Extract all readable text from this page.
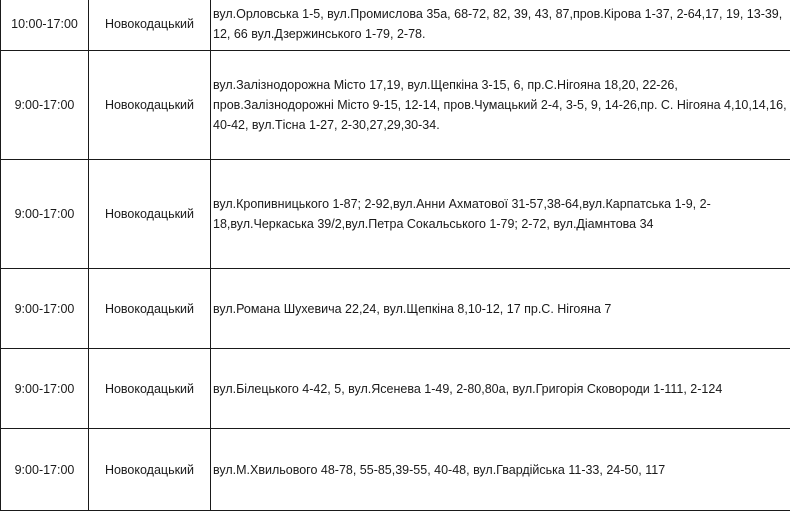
10:00-17:00	Новокодацький	вул.Орловська 1-5, вул.Промислова 35а, 68-72, 82, 39, 43, 87,пров.Кірова 1-37, 2-64,17, 19, 13-39, 12, 66 вул.Дзержинського 1-79, 2-78.
9:00-17:00	Новокодацький	вул.Залізнодорожна Місто 17,19, вул.Щепкіна 3-15, 6, пр.С.Нігояна 18,20, 22-26, пров.Залізнодорожні Місто 9-15, 12-14, пров.Чумацький 2-4, 3-5, 9, 14-26,пр. С. Нігояна 4,10,14,16, 40-42, вул.Тісна 1-27, 2-30,27,29,30-34.
9:00-17:00	Новокодацький	вул.Кропивницького 1-87; 2-92,вул.Анни Ахматової 31-57,38-64,вул.Карпатська 1-9, 2-18,вул.Черкаська 39/2,вул.Петра Сокальського 1-79; 2-72, вул.Діамнтова 34
9:00-17:00	Новокодацький	вул.Романа Шухевича 22,24, вул.Щепкіна 8,10-12, 17 пр.С. Нігояна 7
9:00-17:00	Новокодацький	вул.Білецького 4-42, 5, вул.Ясенева 1-49, 2-80,80а, вул.Григорія Сковороди 1-111, 2-124
9:00-17:00	Новокодацький	вул.М.Хвильового 48-78, 55-85,39-55, 40-48, вул.Гвардійська 11-33, 24-50, 117
